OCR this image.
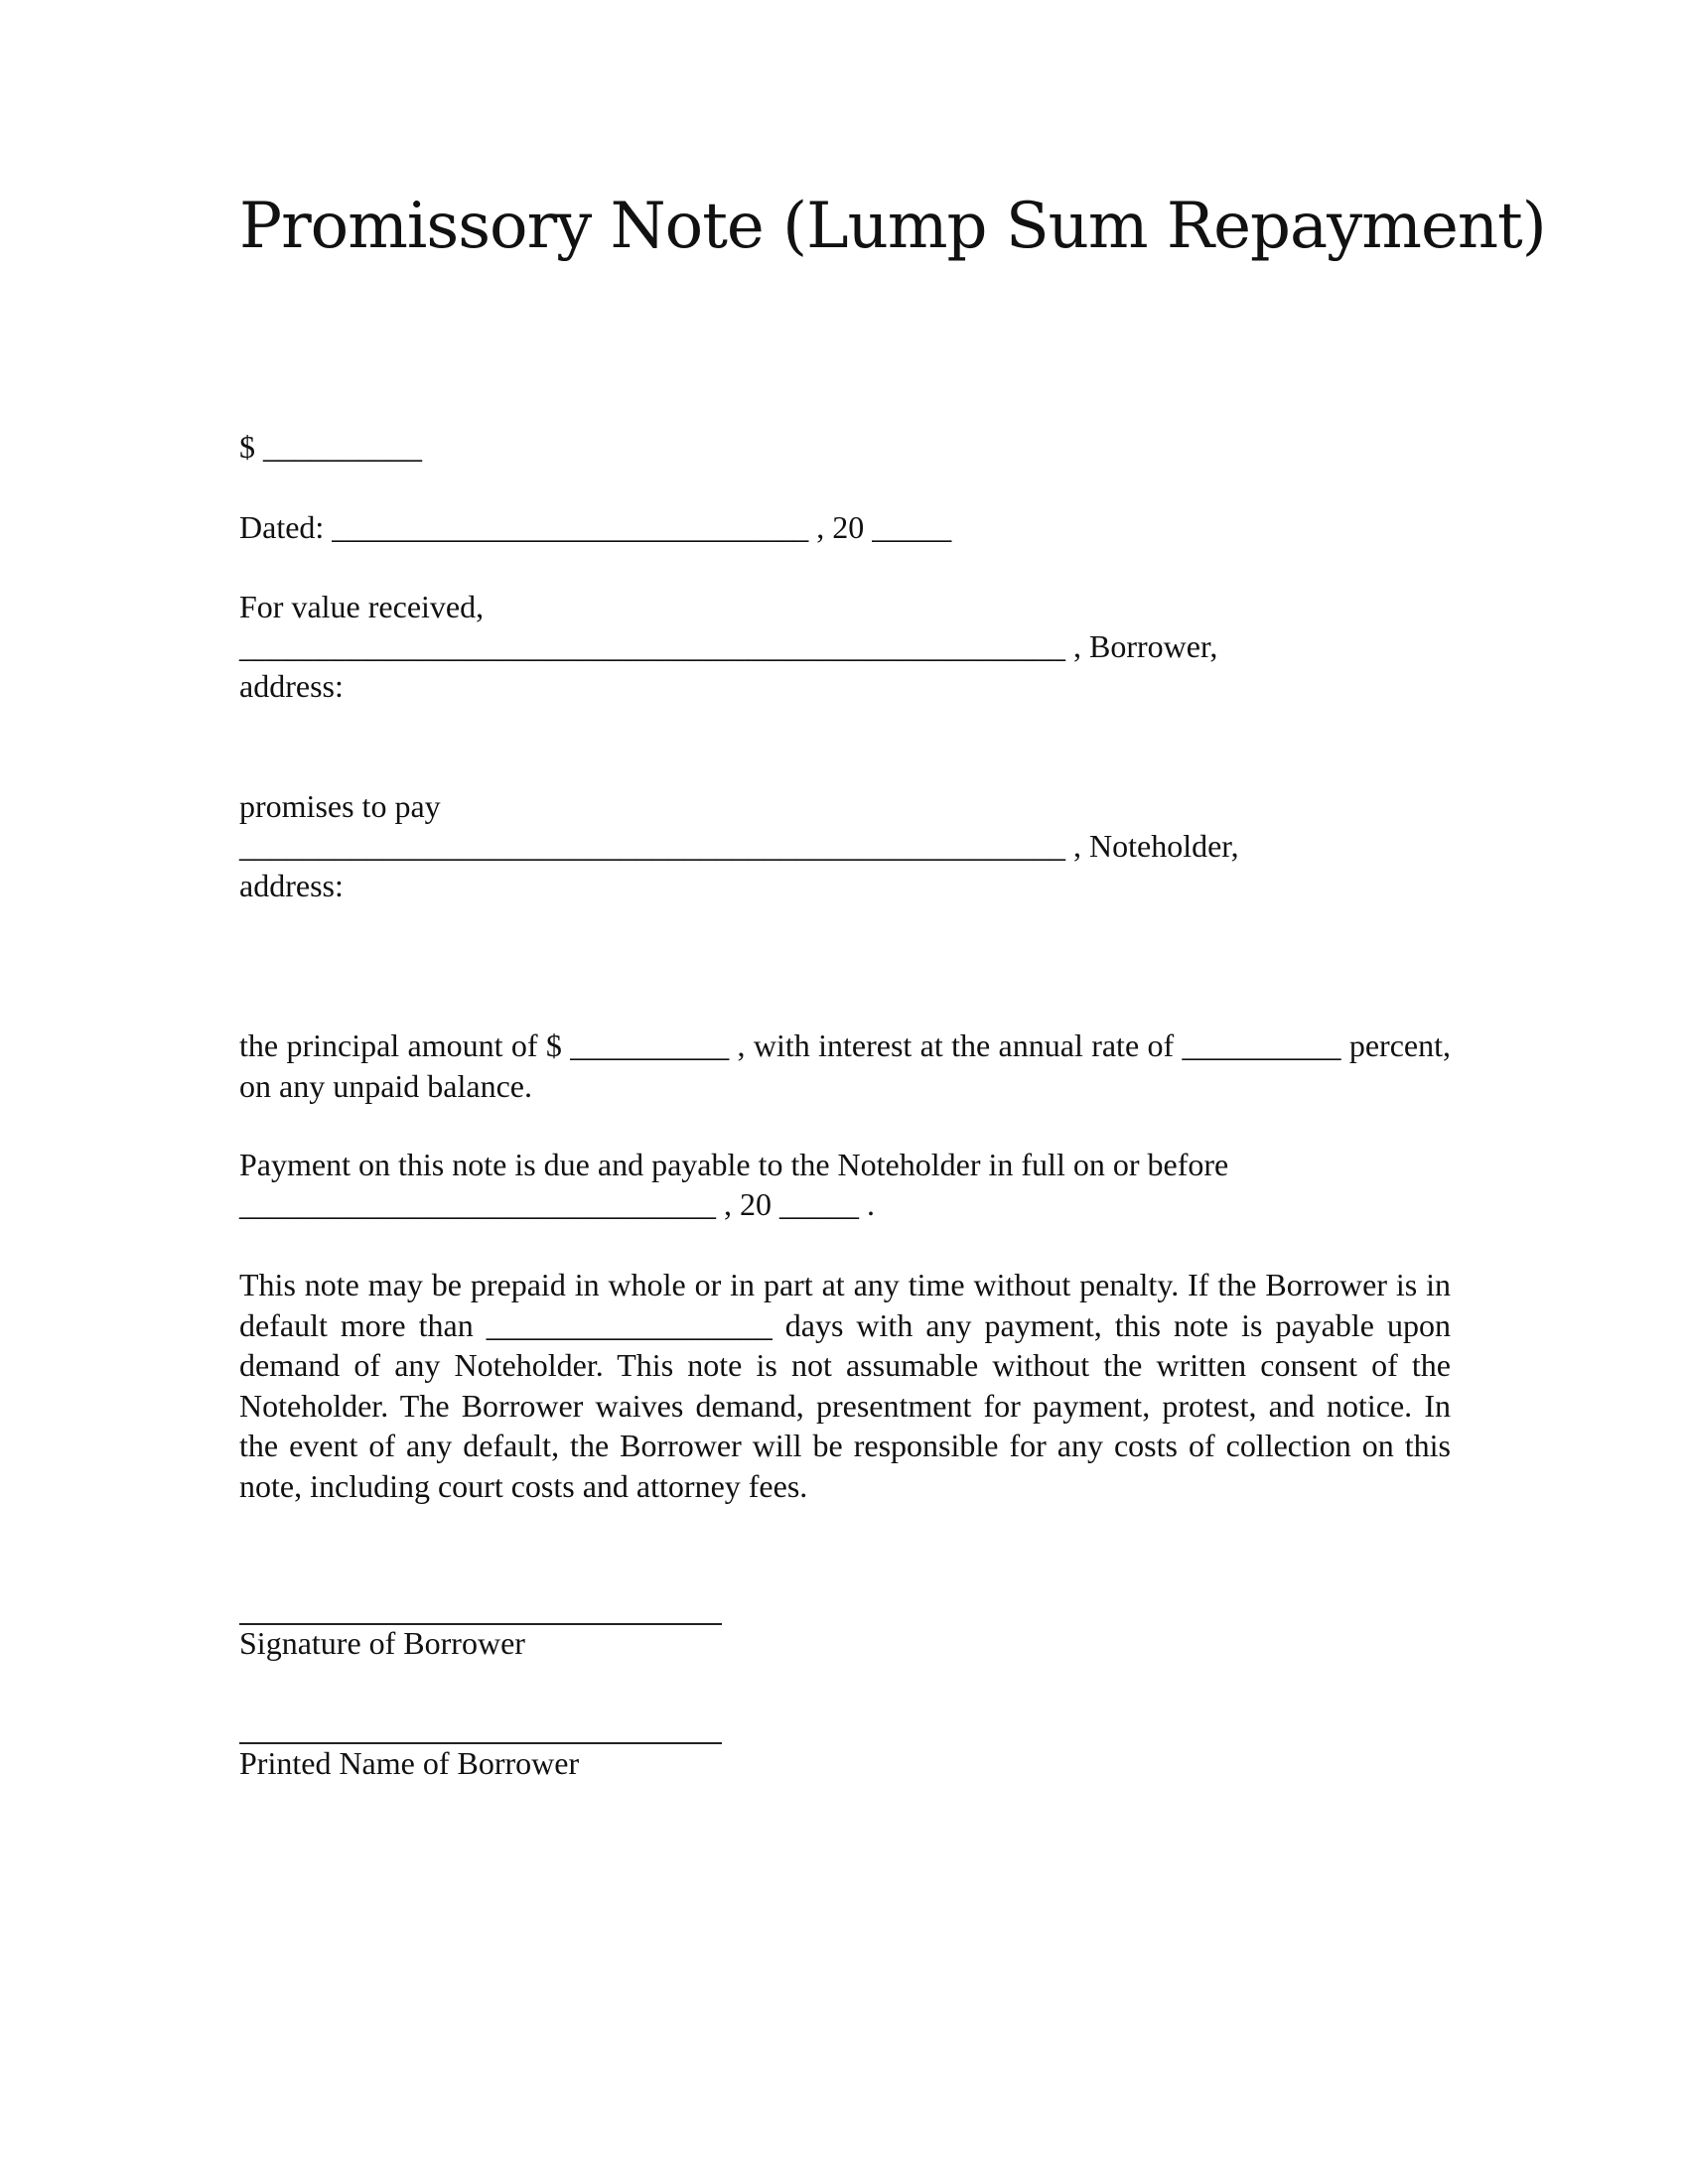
Promissory Note (Lump Sum Repayment)
$ __________
Dated: ______________________________ , 20 _____
For value received,
____________________________________________________ , Borrower,
address:
promises to pay
____________________________________________________ , Noteholder,
address:

the principal amount of $ __________ , with interest at the annual rate of __________ percent, on any unpaid balance.

Payment on this note is due and payable to the Noteholder in full on or before
______________________________ , 20 _____ .

This note may be prepaid in whole or in part at any time without penalty. If the Borrower is in default more than __________________ days with any payment, this note is payable upon demand of any Noteholder. This note is not assumable without the written consent of the Noteholder. The Borrower waives demand, presentment for payment, protest, and notice. In the event of any default, the Borrower will be responsible for any costs of collection on this note, including court costs and attorney fees.

Signature of Borrower
Printed Name of Borrower
